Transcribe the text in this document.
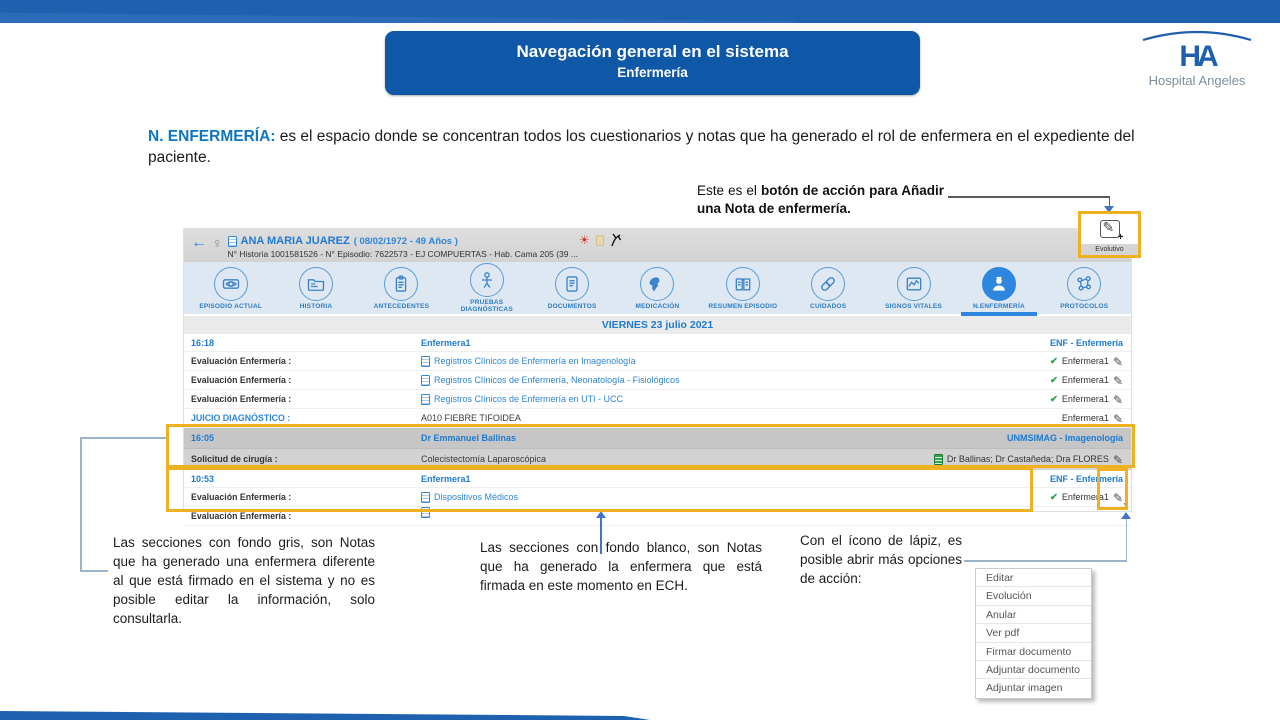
Navegación general en el sistema
Enfermería	HA
Hospital Angeles
N. ENFERMERÍA: es el espacio donde se concentran todos los cuestionarios y notas que ha generado el rol de enfermera en el expediente del paciente.
Este es el botón de acción para Añadir una Nota de enfermería.
← ♀ ANA MARIA JUAREZ ( 08/02/1972 - 49 Años )
N° Historia 1001581526 - N° Episodio: 7622573 - EJ COMPUERTAS - Hab. Cama 205 (39 ...
☀
EPISODIO ACTUAL	HISTORIA	ANTECEDENTES	PRUEBAS DIAGNÓSTICAS	DOCUMENTOS	MEDICACIÓN	RESUMEN EPISODIO	CUIDADOS	SIGNOS VITALES	N.ENFERMERÍA	PROTOCOLOS
VIERNES 23 julio 2021
16:18	Enfermera1	ENF - Enfermería
Evaluación Enfermería :	Registros Clínicos de Enfermería en Imagenología	✔ Enfermera1 ✎
Evaluación Enfermería :	Registros Clínicos de Enfermería, Neonatología - Fisiológicos	✔ Enfermera1 ✎
Evaluación Enfermería :	Registros Clínicos de Enfermería en UTI - UCC	✔ Enfermera1 ✎
JUICIO DIAGNÓSTICO :	A010 FIEBRE TIFOIDEA	Enfermera1 ✎
16:05	Dr Emmanuel Ballinas	UNMSIMAG - Imagenología
Solicitud de cirugía :	Colecistectomía Laparoscópica	Dr Ballinas; Dr Castañeda; Dra FLORES ✎
10:53	Enfermera1	ENF - Enfermería
Evaluación Enfermería :	Dispositivos Médicos	✔ Enfermera1 ✎
Evaluación Enfermería :
▼
✎
+
Evolutivo
Las secciones con fondo gris, son Notas que ha generado una enfermera diferente al que está firmado en el sistema y no es posible editar la información, solo consultarla.
Las secciones con fondo blanco, son Notas que ha generado la enfermera que está firmada en este momento en ECH.
Con el ícono de lápiz, es posible abrir más opciones de acción:	Editar
Evolución
Anular
Ver pdf
Firmar documento
Adjuntar documento
Adjuntar imagen
